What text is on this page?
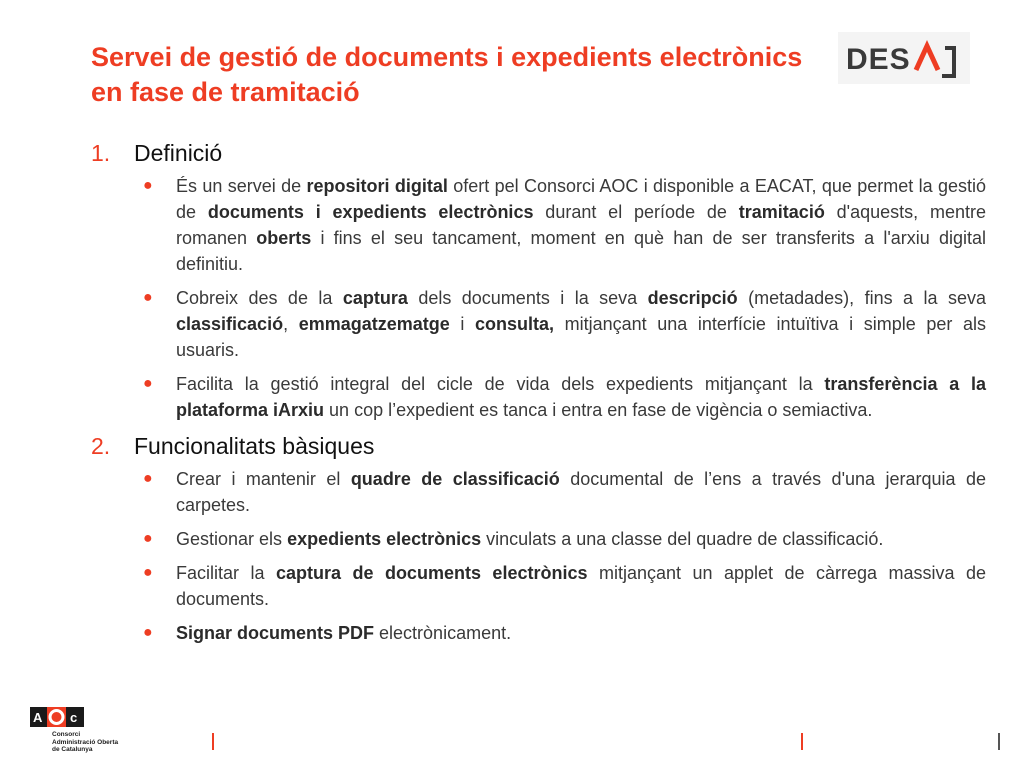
Servei de gestió de documents i expedients electrònics en fase de tramitació
DES
1.	Definició
● És un servei de repositori digital ofert pel Consorci AOC i disponible a EACAT, que permet la gestió de documents i expedients electrònics durant el període de tramitació d'aquests, mentre romanen oberts i fins el seu tancament, moment en què han de ser transferits a l'arxiu digital definitiu.
● Cobreix des de la captura dels documents i la seva descripció (metadades), fins a la seva classificació, emmagatzematge i consulta, mitjançant una interfície intuïtiva i simple per als usuaris.
● Facilita la gestió integral del cicle de vida dels expedients mitjançant la transferència a la plataforma iArxiu un cop l’expedient es tanca i entra en fase de vigència o semiactiva.
2.	Funcionalitats bàsiques
● Crear i mantenir el quadre de classificació documental de l’ens a través d'una jerarquia de carpetes.
● Gestionar els expedients electrònics vinculats a una classe del quadre de classificació.
● Facilitar la captura de documents electrònics mitjançant un applet de càrrega massiva de documents.
● Signar documents PDF electrònicament.
A c
Consorci
Administració Oberta
de Catalunya
